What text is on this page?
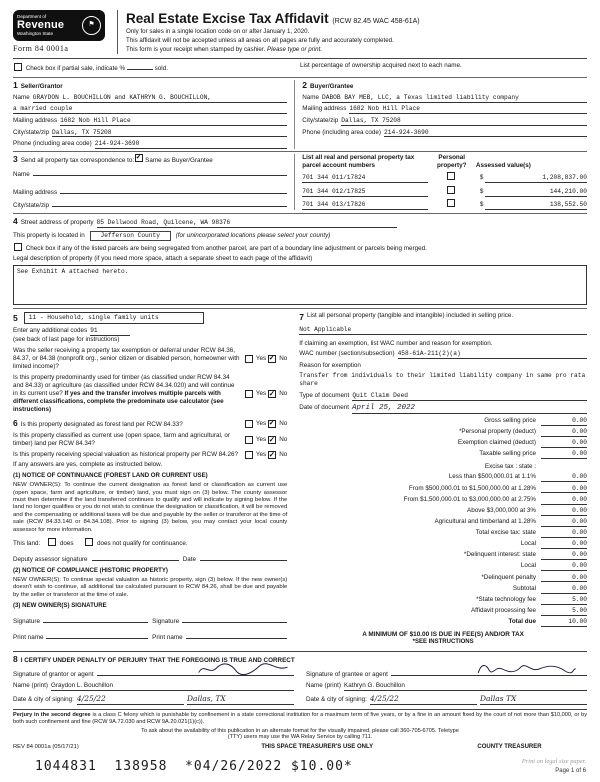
Department of
Revenue
Washington State
⚑
Form 84 0001a
Real Estate Excise Tax Affidavit (RCW 82.45 WAC 458-61A)
Only for sales in a single location code on or after January 1, 2020.
This affidavit will not be accepted unless all areas on all pages are fully and accurately completed.
This form is your receipt when stamped by cashier. Please type or print.
Check box if partial sale, indicate %	sold.	List percentage of ownership acquired next to each name.
1 Seller/Grantor
Name GRAYDON L. BOUCHILLON and KATHRYN G. BOUCHILLON,
a married couple
Mailing address 1682 Nob Hill Place
City/state/zip Dallas, TX 75208
Phone (including area code) 214-924-3690
2 Buyer/Grantee
Name DABOB BAY MEB, LLC, a Texas limited liability company
Mailing address 1682 Nob Hill Place
City/state/zip Dallas, TX 75208
Phone (including area code) 214-924-3690
3 Send all property tax correspondence to: ✓ Same as Buyer/Grantee
Name
Mailing address
City/state/zip
List all real and personal property tax parcel account numbers
Personal property?	Assessed value(s)
701 344 011/17824	$	1,208,837.00
701 344 012/17825	$	144,210.00
701 344 013/17826	$	138,552.50
4 Street address of property 85 Dellwood Road, Quilcene, WA 98376
This property is located in	Jefferson County	(for unincorporated locations please select your county)
Check box if any of the listed parcels are being segregated from another parcel, are part of a boundary line adjustment or parcels being merged.
Legal description of property (if you need more space, attach a separate sheet to each page of the affidavit)
See Exhibit A attached hereto.
5	11 - Household, single family units
Enter any additional codes 91
(see back of last page for instructions)
Was the seller receiving a property tax exemption or deferral under RCW 84.36, 84.37, or 84.38 (nonprofit org., senior citizen or disabled person, homeowner with limited income)?
Yes ✓ No
Is this property predominantly used for timber (as classified under RCW 84.34 and 84.33) or agriculture (as classified under RCW 84.34.020) and will continue in its current use? If yes and the transfer involves multiple parcels with different classifications, complete the predominate use calculator (see instructions)
Yes ✓ No
6 Is this property designated as forest land per RCW 84.33?	Yes ✓ No
Is this property classified as current use (open space, farm and agricultural, or timber) land per RCW 84.34?
Yes ✓ No
Is this property receiving special valuation as historical property per RCW 84.26?	Yes ✓ No
If any answers are yes, complete as instructed below.
(1) NOTICE OF CONTINUANCE (FOREST LAND OR CURRENT USE)
NEW OWNER(S): To continue the current designation as forest land or classification as current use (open space, farm and agriculture, or timber) land, you must sign on (3) below. The county assessor must then determine if the land transferred continues to qualify and will indicate by signing below. If the land no longer qualifies or you do not wish to continue the designation or classification, it will be removed and the compensating or additional taxes will be due and payable by the seller or transferor at the time of sale (RCW 84.33.140 or 84.34.108). Prior to signing (3) below, you may contact your local county assessor for more information.
This land:	does	does not qualify for continuance.
Deputy assessor signature	Date
(2) NOTICE OF COMPLIANCE (HISTORIC PROPERTY)
NEW OWNER(S): To continue special valuation as historic property, sign (3) below. If the new owner(s) doesn't wish to continue, all additional tax calculated pursuant to RCW 84.26, shall be due and payable by the seller or transferor at the time of sale.
(3) NEW OWNER(S) SIGNATURE
Signature	Signature
Print name	Print name
7 List all personal property (tangible and intangible) included in selling price.
Not Applicable
If claiming an exemption, list WAC number and reason for exemption.
WAC number (section/subsection) 458-61A-211(2)(a)
Reason for exemption
Transfer from individuals to their limited liability company in same pro rata share
Type of document Quit Claim Deed
Date of document April 25, 2022
Gross selling price	0.00
*Personal property (deduct)	0.00
Exemption claimed (deduct)	0.00
Taxable selling price	0.00
Excise tax : state :
Less than $500,000.01 at 1.1%	0.00
From $500,000.01 to $1,500,000.00 at 1.28%	0.00
From $1,500,000.01 to $3,000,000.00 at 2.75%	0.00
Above $3,000,000 at 3%	0.00
Agricultural and timberland at 1.28%	0.00
Total excise tax: state	0.00
Local	0.00
*Delinquent interest: state	0.00
Local	0.00
*Delinquent penalty	0.00
Subtotal	0.00
*State technology fee	5.00
Affidavit processing fee	5.00
Total due	10.00
A MINIMUM OF $10.00 IS DUE IN FEE(S) AND/OR TAX
*SEE INSTRUCTIONS
8 I CERTIFY UNDER PENALTY OF PERJURY THAT THE FOREGOING IS TRUE AND CORRECT
Signature of grantor or agent
Name (print) Graydon L. Bouchillon
Date & city of signing: 4/25/22	Dallas, TX
Signature of grantee or agent
Name (print) Kathryn G. Bouchillon
Date & city of signing: 4/25/22	Dallas TX
Perjury in the second degree is a class C felony which is punishable by confinement in a state correctional institution for a maximum term of five years, or by a fine in an amount fixed by the court of not more than $10,000, or by both such confinement and fine (RCW 9A.72.030 and RCW 9A.20.021(1)(c)).
To ask about the availability of this publication in an alternate format for the visually impaired, please call 360-705-6705. Teletype
(TTY) users may use the WA Relay Service by calling 711.
REV 84 0001a (05/17/21)	THIS SPACE TREASURER'S USE ONLY	COUNTY TREASURER
1044831  138958  *04/26/2022 $10.00*	Print on legal size paper.
Page 1 of 6
